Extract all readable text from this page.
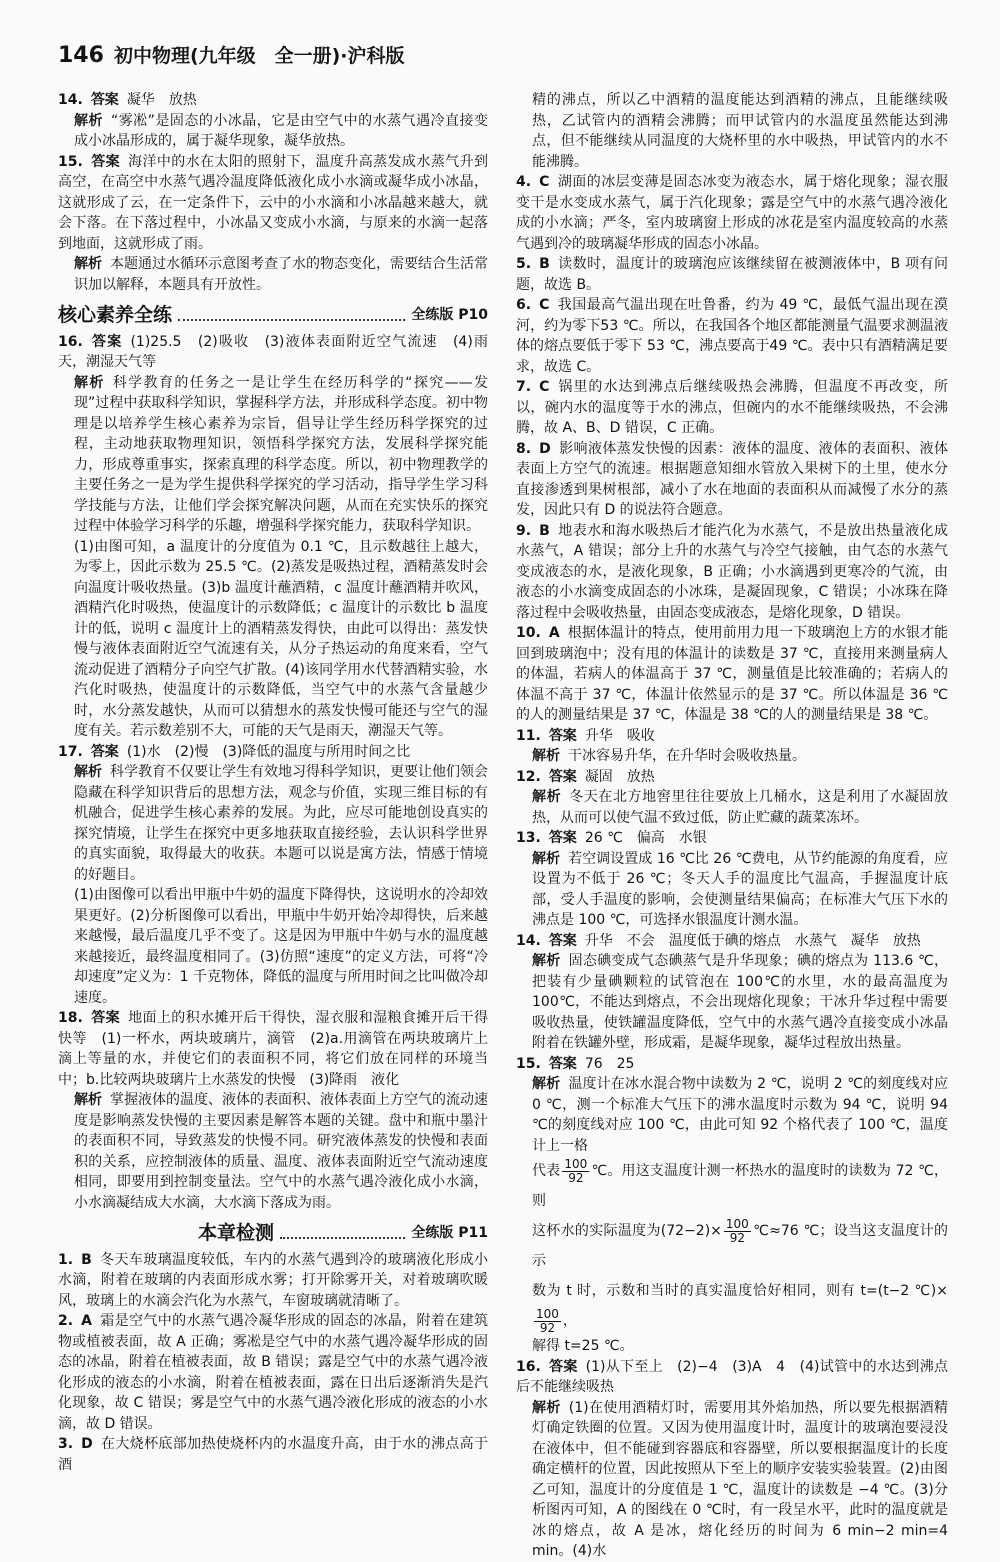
146 初中物理(九年级　全一册)·沪科版

14. 答案 凝华　放热

解析 “雾凇”是固态的小冰晶，它是由空气中的水蒸气遇冷直接变成小冰晶形成的，属于凝华现象，凝华放热。

15. 答案 海洋中的水在太阳的照射下，温度升高蒸发成水蒸气升到高空，在高空中水蒸气遇冷温度降低液化成小水滴或凝华成小冰晶，这就形成了云，在一定条件下，云中的小水滴和小冰晶越来越大，就会下落。在下落过程中，小冰晶又变成小水滴，与原来的水滴一起落到地面，这就形成了雨。

解析 本题通过水循环示意图考查了水的物态变化，需要结合生活常识加以解释，本题具有开放性。

核心素养全练	全练版 P10

16. 答案 (1)25.5　(2)吸收　(3)液体表面附近空气流速　(4)雨天，潮湿天气等

解析 科学教育的任务之一是让学生在经历科学的“探究——发现”过程中获取科学知识，掌握科学方法，并形成科学态度。初中物理是以培养学生核心素养为宗旨，倡导让学生经历科学探究的过程，主动地获取物理知识，领悟科学探究方法，发展科学探究能力，形成尊重事实，探索真理的科学态度。所以，初中物理教学的主要任务之一是为学生提供科学探究的学习活动，指导学生学习科学技能与方法，让他们学会探究解决问题，从而在充实快乐的探究过程中体验学习科学的乐趣，增强科学探究能力，获取科学知识。

(1)由图可知，a 温度计的分度值为 0.1 ℃，且示数越往上越大，为零上，因此示数为 25.5 ℃。(2)蒸发是吸热过程，酒精蒸发时会向温度计吸收热量。(3)b 温度计蘸酒精，c 温度计蘸酒精并吹风，酒精汽化时吸热，使温度计的示数降低；c 温度计的示数比 b 温度计的低，说明 c 温度计上的酒精蒸发得快，由此可以得出：蒸发快慢与液体表面附近空气流速有关，从分子热运动的角度来看，空气流动促进了酒精分子向空气扩散。(4)该同学用水代替酒精实验，水汽化时吸热，使温度计的示数降低，当空气中的水蒸气含量越少时，水分蒸发越快，从而可以猜想水的蒸发快慢可能还与空气的湿度有关。若示数差别不大，可能的天气是雨天，潮湿天气等。

17. 答案 (1)水　(2)慢　(3)降低的温度与所用时间之比

解析 科学教育不仅要让学生有效地习得科学知识，更要让他们领会隐藏在科学知识背后的思想方法，观念与价值，实现三维目标的有机融合，促进学生核心素养的发展。为此，应尽可能地创设真实的探究情境，让学生在探究中更多地获取直接经验，去认识科学世界的真实面貌，取得最大的收获。本题可以说是寓方法，情感于情境的好题目。

(1)由图像可以看出甲瓶中牛奶的温度下降得快，这说明水的冷却效果更好。(2)分析图像可以看出，甲瓶中牛奶开始冷却得快，后来越来越慢，最后温度几乎不变了。这是因为甲瓶中牛奶与水的温度越来越接近，最终温度相同了。(3)仿照“速度”的定义方法，可将“冷却速度”定义为：1 千克物体，降低的温度与所用时间之比叫做冷却速度。

18. 答案 地面上的积水摊开后干得快，湿衣服和湿粮食摊开后干得快等　(1)一杯水，两块玻璃片，滴管　(2)a.用滴管在两块玻璃片上滴上等量的水，并使它们的表面积不同，将它们放在同样的环境当中；b.比较两块玻璃片上水蒸发的快慢　(3)降雨　液化

解析 掌握液体的温度、液体的表面积、液体表面上方空气的流动速度是影响蒸发快慢的主要因素是解答本题的关键。盘中和瓶中墨汁的表面积不同，导致蒸发的快慢不同。研究液体蒸发的快慢和表面积的关系，应控制液体的质量、温度、液体表面附近空气流动速度相同，即要用到控制变量法。空气中的水蒸气遇冷液化成小水滴，小水滴凝结成大水滴，大水滴下落成为雨。

本章检测	全练版 P11

1. B 冬天车玻璃温度较低，车内的水蒸气遇到冷的玻璃液化形成小水滴，附着在玻璃的内表面形成水雾；打开除雾开关，对着玻璃吹暖风，玻璃上的水滴会汽化为水蒸气，车窗玻璃就清晰了。

2. A 霜是空气中的水蒸气遇冷凝华形成的固态的冰晶，附着在建筑物或植被表面，故 A 正确；雾凇是空气中的水蒸气遇冷凝华形成的固态的冰晶，附着在植被表面，故 B 错误；露是空气中的水蒸气遇冷液化形成的液态的小水滴，附着在植被表面，露在日出后逐渐消失是汽化现象，故 C 错误；雾是空气中的水蒸气遇冷液化形成的液态的小水滴，故 D 错误。

3. D 在大烧杯底部加热使烧杯内的水温度升高，由于水的沸点高于酒

精的沸点，所以乙中酒精的温度能达到酒精的沸点，且能继续吸热，乙试管内的酒精会沸腾；而甲试管内的水温度虽然能达到沸点，但不能继续从同温度的大烧杯里的水中吸热，甲试管内的水不能沸腾。

4. C 湖面的冰层变薄是固态冰变为液态水，属于熔化现象；湿衣服变干是水变成水蒸气，属于汽化现象；露是空气中的水蒸气遇冷液化成的小水滴；严冬，室内玻璃窗上形成的冰花是室内温度较高的水蒸气遇到冷的玻璃凝华形成的固态小冰晶。

5. B 读数时，温度计的玻璃泡应该继续留在被测液体中，B 项有问题，故选 B。

6. C 我国最高气温出现在吐鲁番，约为 49 ℃，最低气温出现在漠河，约为零下53 ℃。所以，在我国各个地区都能测量气温要求测温液体的熔点要低于零下 53 ℃，沸点要高于49 ℃。表中只有酒精满足要求，故选 C。

7. C 锅里的水达到沸点后继续吸热会沸腾，但温度不再改变，所以，碗内水的温度等于水的沸点，但碗内的水不能继续吸热，不会沸腾，故 A、B、D 错误，C 正确。

8. D 影响液体蒸发快慢的因素：液体的温度、液体的表面积、液体表面上方空气的流速。根据题意知细水管放入果树下的土里，使水分直接渗透到果树根部，减小了水在地面的表面积从而减慢了水分的蒸发，因此只有 D 的说法符合题意。

9. B 地表水和海水吸热后才能汽化为水蒸气，不是放出热量液化成水蒸气，A 错误；部分上升的水蒸气与冷空气接触，由气态的水蒸气变成液态的水，是液化现象，B 正确；小水滴遇到更寒冷的气流，由液态的小水滴变成固态的小冰珠，是凝固现象，C 错误；小冰珠在降落过程中会吸收热量，由固态变成液态，是熔化现象，D 错误。

10. A 根据体温计的特点，使用前用力甩一下玻璃泡上方的水银才能回到玻璃泡中；没有甩的体温计的读数是 37 ℃，直接用来测量病人的体温，若病人的体温高于 37 ℃，测量值是比较准确的；若病人的体温不高于 37 ℃，体温计依然显示的是 37 ℃。所以体温是 36 ℃的人的测量结果是 37 ℃，体温是 38 ℃的人的测量结果是 38 ℃。

11. 答案 升华　吸收

解析 干冰容易升华，在升华时会吸收热量。

12. 答案 凝固　放热

解析 冬天在北方地窖里往往要放上几桶水，这是利用了水凝固放热，从而可以使气温不致过低，防止贮藏的蔬菜冻坏。

13. 答案 26 ℃　偏高　水银

解析 若空调设置成 16 ℃比 26 ℃费电，从节约能源的角度看，应设置为不低于 26 ℃；冬天人手的温度比气温高，手握温度计底部，受人手温度的影响，会使测量结果偏高；在标准大气压下水的沸点是 100 ℃，可选择水银温度计测水温。

14. 答案 升华　不会　温度低于碘的熔点　水蒸气　凝华　放热

解析 固态碘变成气态碘蒸气是升华现象；碘的熔点为 113.6 ℃，把装有少量碘颗粒的试管泡在 100℃的水里，水的最高温度为 100℃，不能达到熔点，不会出现熔化现象；干冰升华过程中需要吸收热量，使铁罐温度降低，空气中的水蒸气遇冷直接变成小冰晶附着在铁罐外壁，形成霜，是凝华现象，凝华过程放出热量。

15. 答案 76　25

解析 温度计在冰水混合物中读数为 2 ℃，说明 2 ℃的刻度线对应 0 ℃，测一个标准大气压下的沸水温度时示数为 94 ℃，说明 94 ℃的刻度线对应 100 ℃，由此可知 92 个格代表了 100 ℃，温度计上一格

代表 $\frac{100}{92}$ ℃。用这支温度计测一杯热水的温度时的读数为 72 ℃，则

这杯水的实际温度为$(72-2)\times \frac{100}{92}$ ℃≈76 ℃；设当这支温度计的示

数为 t 时，示数和当时的真实温度恰好相同，则有 t=(t−2 ℃)×
$\frac{100}{92}$ ，

解得 t=25 ℃。

16. 答案 (1)从下至上　(2)−4　(3)A　4　(4)试管中的水达到沸点后不能继续吸热

解析 (1)在使用酒精灯时，需要用其外焰加热，所以要先根据酒精灯确定铁圈的位置。又因为使用温度计时，温度计的玻璃泡要浸没在液体中，但不能碰到容器底和容器壁，所以要根据温度计的长度确定横杆的位置，因此按照从下至上的顺序安装实验装置。(2)由图乙可知，温度计的分度值是 1 ℃，温度计的读数是 −4 ℃。(3)分析图丙可知，A 的图线在 0 ℃时，有一段呈水平，此时的温度就是冰的熔点，故 A 是冰，熔化经历的时间为 6 min−2 min=4 min。(4)水
